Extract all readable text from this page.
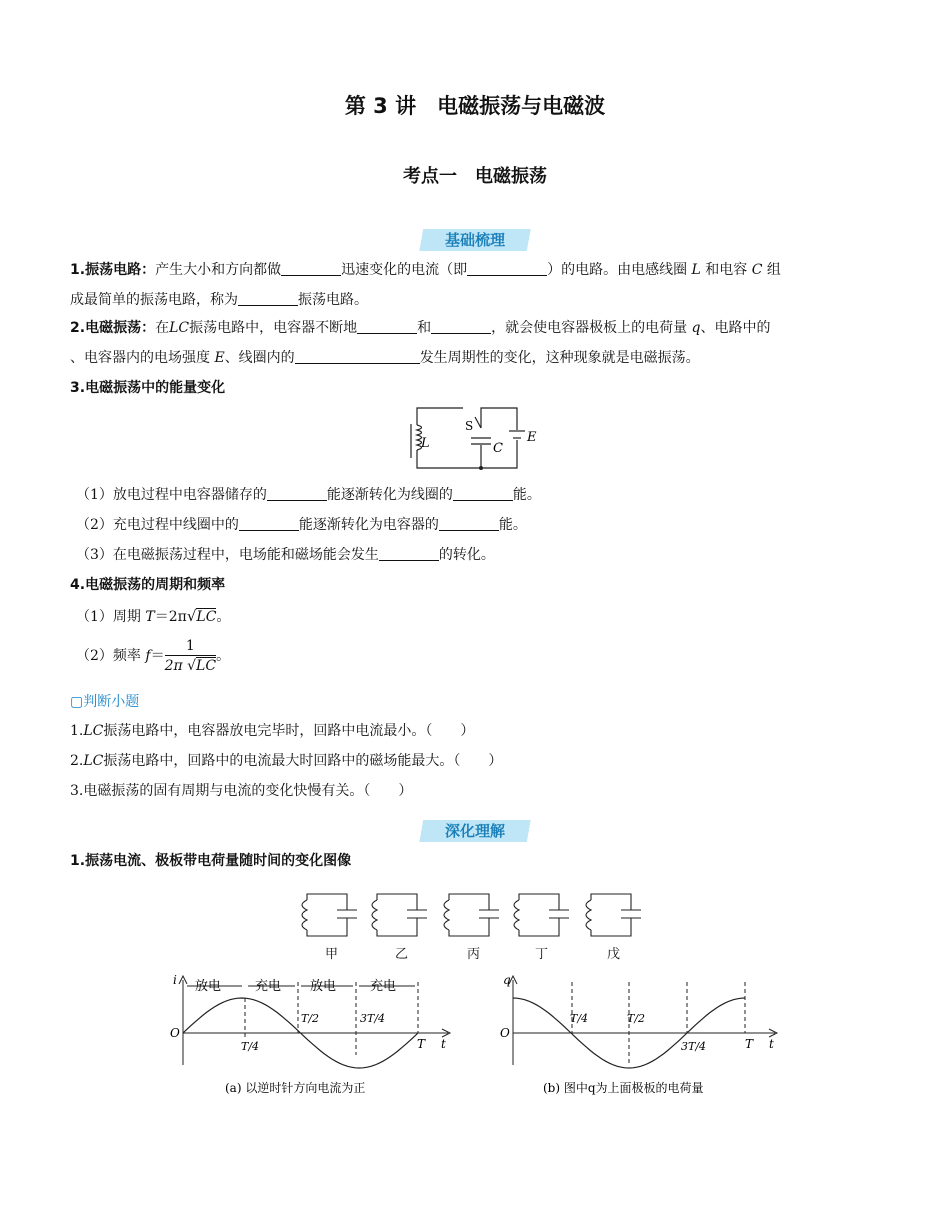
第 3 讲　电磁振荡与电磁波
考点一　电磁振荡
基础梳理
1.振荡电路：产生大小和方向都做	迅速变化的电流（即	）的电路。由电感线圈 L 和电容 C 组
成最简单的振荡电路，称为	振荡电路。
2.电磁振荡：在LC振荡电路中，电容器不断地	和	，就会使电容器极板上的电荷量 q、电路中的
、电容器内的电场强度 E、线圈内的	发生周期性的变化，这种现象就是电磁振荡。
3.电磁振荡中的能量变化
L
S
C
E
（1）放电过程中电容器储存的	能逐渐转化为线圈的	能。
（2）充电过程中线圈中的	能逐渐转化为电容器的	能。
（3）在电磁振荡过程中，电场能和磁场能会发生	的转化。
4.电磁振荡的周期和频率
（1）周期 T＝2π√LC。
（2）频率 $f= \frac{1}{2\pi √LC}$ 。
▢判断小题
1.LC振荡电路中，电容器放电完毕时，回路中电流最小。（　　）
2.LC振荡电路中，回路中的电流最大时回路中的磁场能最大。（　　）
3.电磁振荡的固有周期与电流的变化快慢有关。（　　）
深化理解
1.振荡电流、极板带电荷量随时间的变化图像
甲	乙	丙	丁	戊
i
t
O
放电	充电 放电	充电
T/2	3T/4
T/4	T
(a) 以逆时针方向电流为正
q
t
O
T/4	T/2
3T/4	T
(b) 图中q为上面极板的电荷量
